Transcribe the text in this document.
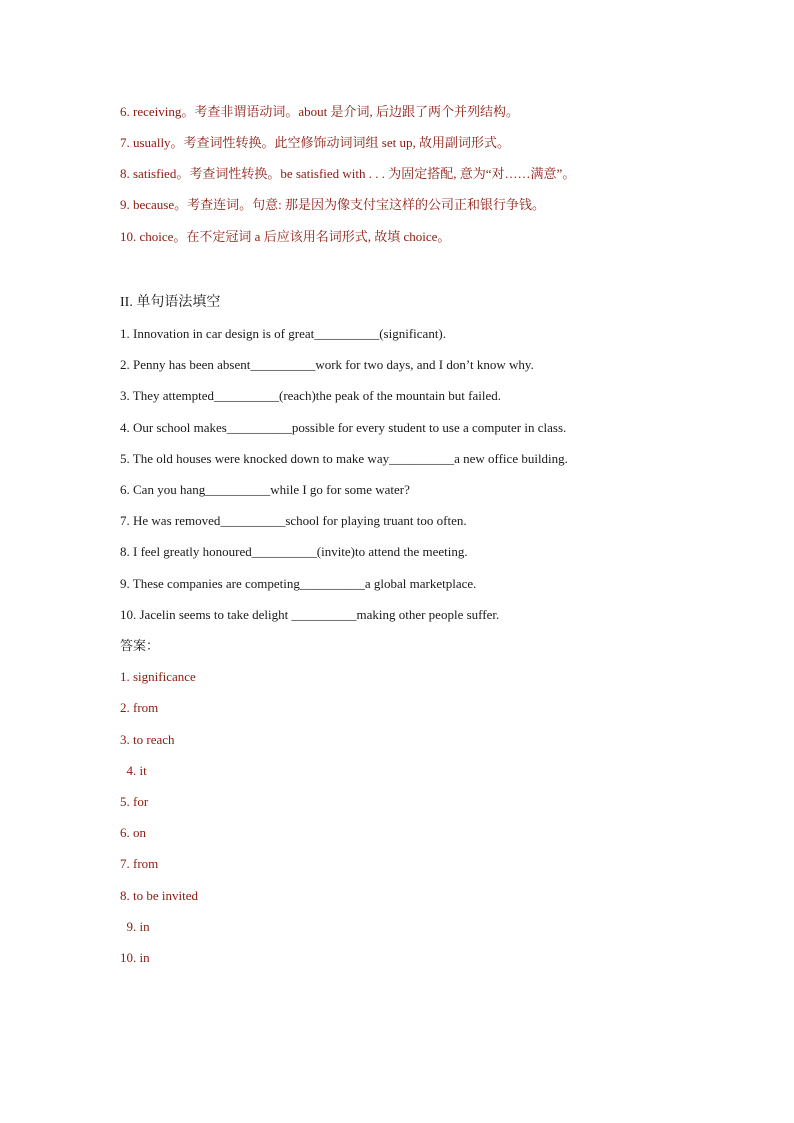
6. receiving。考查非谓语动词。about 是介词, 后边跟了两个并列结构。
7. usually。考查词性转换。此空修饰动词词组 set up, 故用副词形式。
8. satisfied。考查词性转换。be satisfied with . . . 为固定搭配, 意为“对……满意”。
9. because。考查连词。句意: 那是因为像支付宝这样的公司正和银行争钱。
10. choice。在不定冠词 a 后应该用名词形式, 故填 choice。
II. 单句语法填空
1. Innovation in car design is of great__________(significant).
2. Penny has been absent__________work for two days, and I don’t know why.
3. They attempted__________(reach)the peak of the mountain but failed.
4. Our school makes__________possible for every student to use a computer in class.
5. The old houses were knocked down to make way__________a new office building.
6. Can you hang__________while I go for some water?
7. He was removed__________school for playing truant too often.
8. I feel greatly honoured__________(invite)to attend the meeting.
9. These companies are competing__________a global marketplace.
10. Jacelin seems to take delight __________making other people suffer.
答案：
1. significance
2. from
3. to reach
4. it
5. for
6. on
7. from
8. to be invited
9. in
10. in
